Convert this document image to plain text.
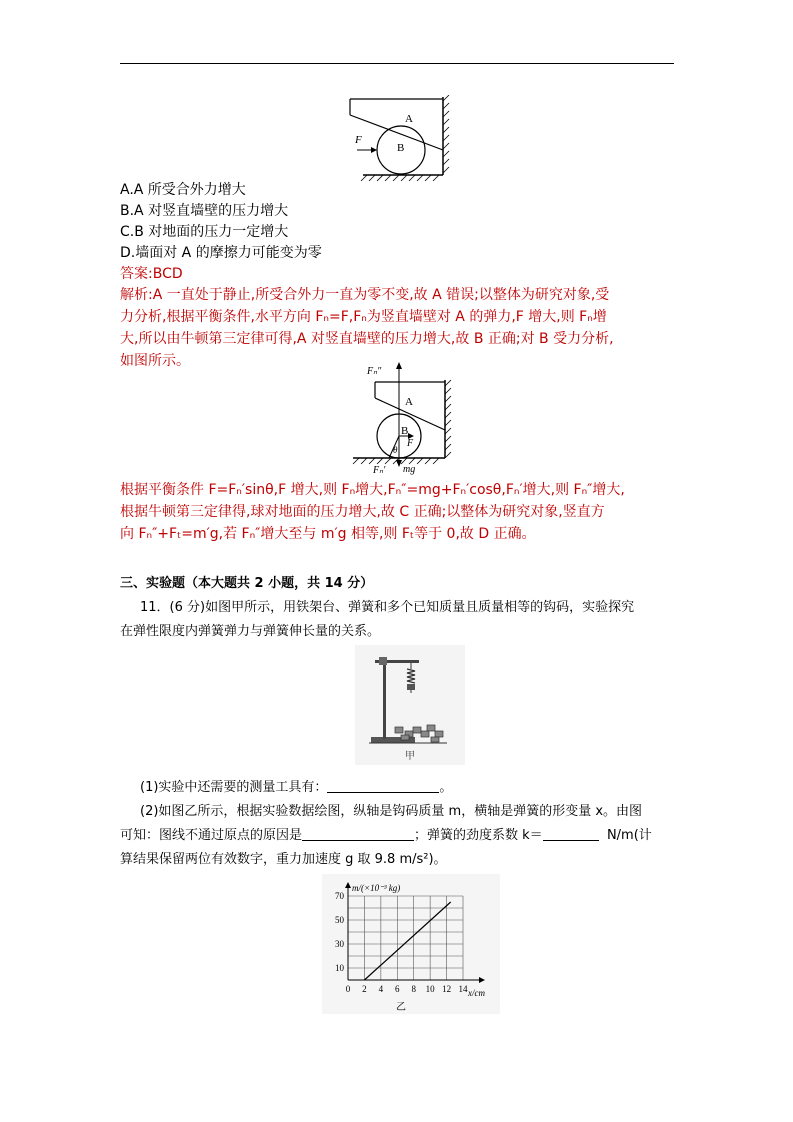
F
A
B
A.A 所受合外力增大
B.A 对竖直墙壁的压力增大
C.B 对地面的压力一定增大
D.墙面对 A 的摩擦力可能变为零
答案:BCD
解析:A 一直处于静止,所受合外力一直为零不变,故 A 错误;以整体为研究对象,受
力分析,根据平衡条件,水平方向 Fₙ=F,Fₙ为竖直墙壁对 A 的弹力,F 增大,则 Fₙ增
大,所以由牛顿第三定律可得,A 对竖直墙壁的压力增大,故 B 正确;对 B 受力分析,
如图所示。
Fₙ″
A
B
F
θ
Fₙ′ mg
根据平衡条件 F=Fₙ′sinθ,F 增大,则 Fₙ增大,Fₙ″=mg+Fₙ′cosθ,Fₙ′增大,则 Fₙ″增大,
根据牛顿第三定律得,球对地面的压力增大,故 C 正确;以整体为研究对象,竖直方
向 Fₙ″+Fₜ=m′g,若 Fₙ″增大至与 m′g 相等,则 Fₜ等于 0,故 D 正确。
三、实验题（本大题共 2 小题，共 14 分）
11．(6 分)如图甲所示，用铁架台、弹簧和多个已知质量且质量相等的钩码，实验探究
在弹性限度内弹簧弹力与弹簧伸长量的关系。
甲
(1)实验中还需要的测量工具有：	。
(2)如图乙所示，根据实验数据绘图，纵轴是钩码质量 m，横轴是弹簧的形变量 x。由图
可知：图线不通过原点的原因是	；弹簧的劲度系数 k＝	N/m(计
算结果保留两位有效数字，重力加速度 g 取 9.8 m/s²)。
0 2 4 6 8 10 12 14
10
30
50
70
m/(×10⁻³ kg)
x/cm
乙
